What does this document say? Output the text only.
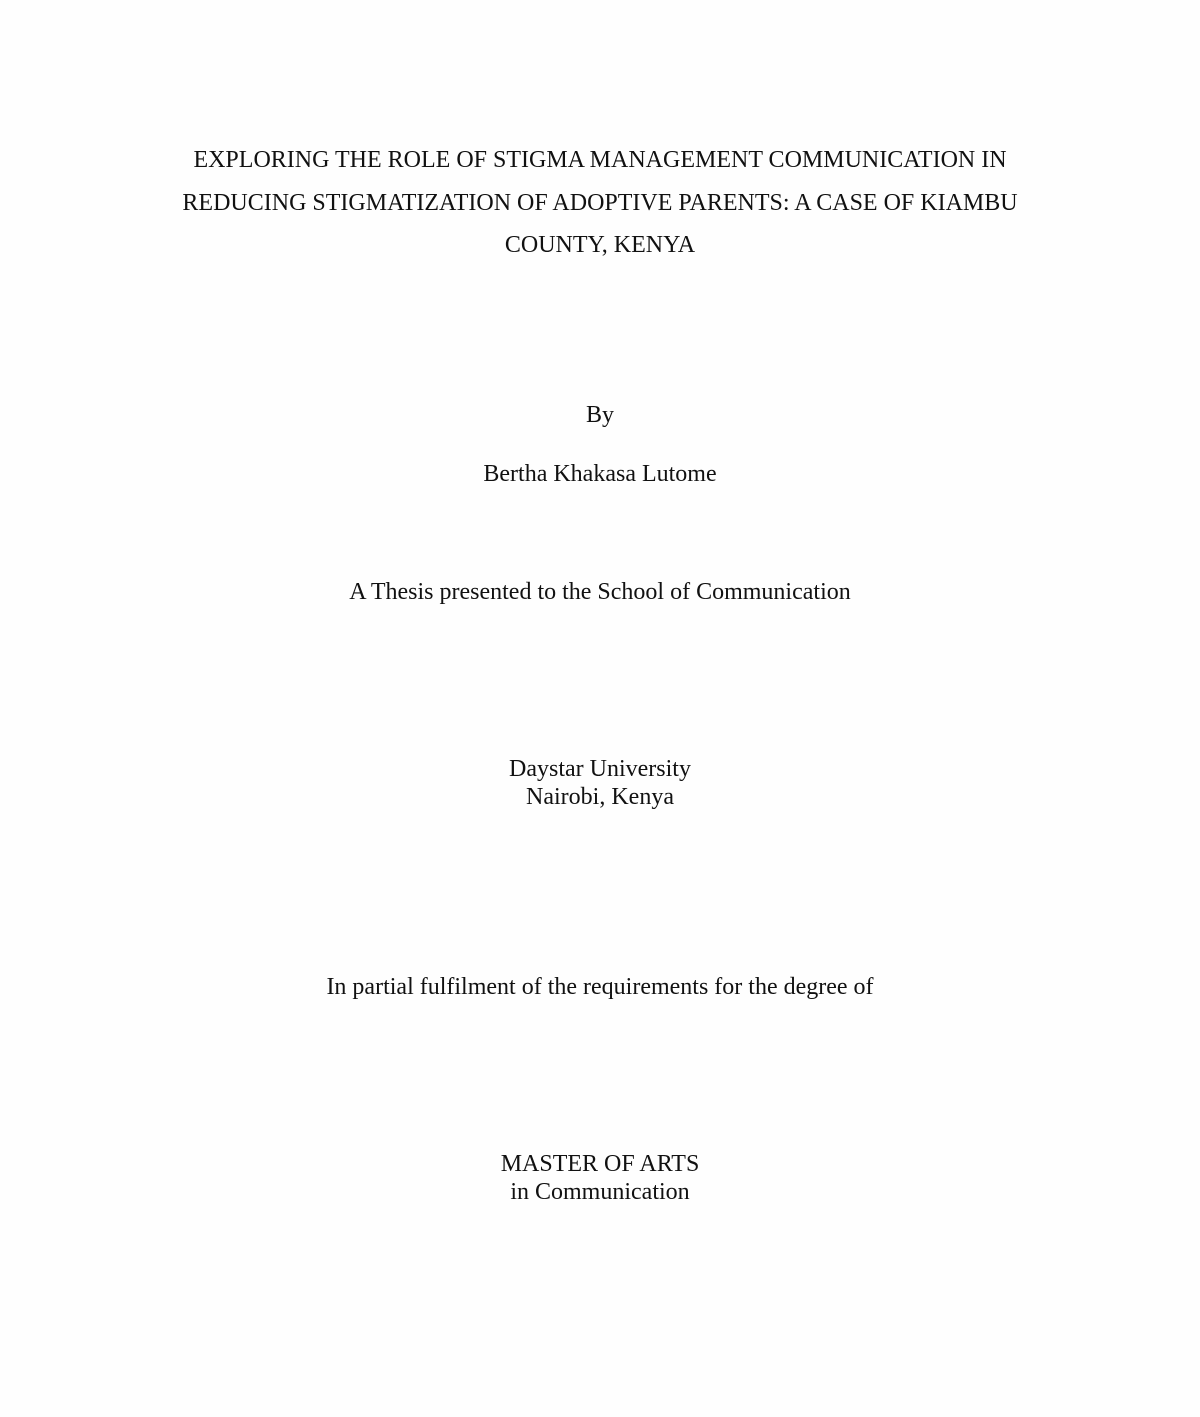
EXPLORING THE ROLE OF STIGMA MANAGEMENT COMMUNICATION IN
REDUCING STIGMATIZATION OF ADOPTIVE PARENTS: A CASE OF KIAMBU
COUNTY, KENYA
By
Bertha Khakasa Lutome
A Thesis presented to the School of Communication
Daystar University
Nairobi, Kenya
In partial fulfilment of the requirements for the degree of
MASTER OF ARTS
in Communication
